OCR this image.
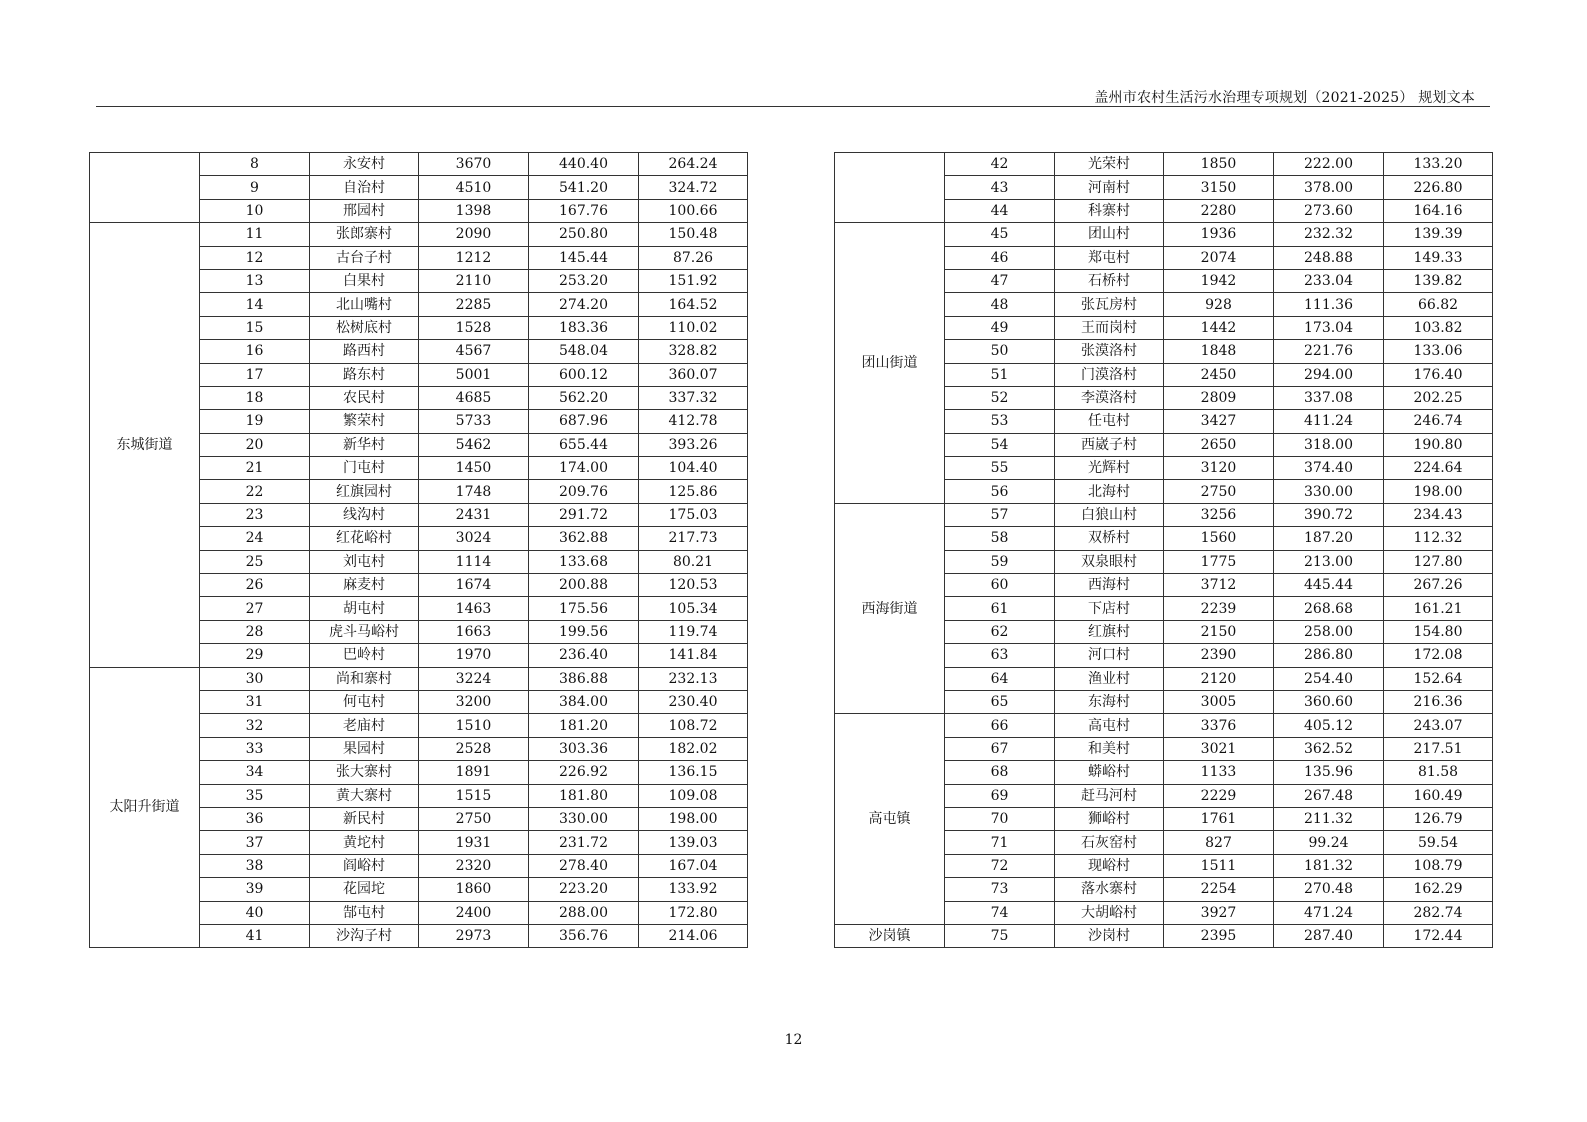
盖州市农村生活污水治理专项规划（2021-2025） 规划文本
	8	永安村	3670	440.40	264.24
	9	自治村	4510	541.20	324.72
	10	邢园村	1398	167.76	100.66
东城街道	11	张郎寨村	2090	250.80	150.48
	12	古台子村	1212	145.44	87.26
	13	白果村	2110	253.20	151.92
	14	北山嘴村	2285	274.20	164.52
	15	松树底村	1528	183.36	110.02
	16	路西村	4567	548.04	328.82
	17	路东村	5001	600.12	360.07
	18	农民村	4685	562.20	337.32
	19	繁荣村	5733	687.96	412.78
	20	新华村	5462	655.44	393.26
	21	门屯村	1450	174.00	104.40
	22	红旗园村	1748	209.76	125.86
	23	线沟村	2431	291.72	175.03
	24	红花峪村	3024	362.88	217.73
	25	刘屯村	1114	133.68	80.21
	26	麻麦村	1674	200.88	120.53
	27	胡屯村	1463	175.56	105.34
	28	虎斗马峪村	1663	199.56	119.74
	29	巴岭村	1970	236.40	141.84
太阳升街道	30	尚和寨村	3224	386.88	232.13
	31	何屯村	3200	384.00	230.40
	32	老庙村	1510	181.20	108.72
	33	果园村	2528	303.36	182.02
	34	张大寨村	1891	226.92	136.15
	35	黄大寨村	1515	181.80	109.08
	36	新民村	2750	330.00	198.00
	37	黄坨村	1931	231.72	139.03
	38	阎峪村	2320	278.40	167.04
	39	花园坨	1860	223.20	133.92
	40	郜屯村	2400	288.00	172.80
	41	沙沟子村	2973	356.76	214.06
	42	光荣村	1850	222.00	133.20
	43	河南村	3150	378.00	226.80
	44	科寨村	2280	273.60	164.16
团山街道	45	团山村	1936	232.32	139.39
	46	郑屯村	2074	248.88	149.33
	47	石桥村	1942	233.04	139.82
	48	张瓦房村	928	111.36	66.82
	49	王而岗村	1442	173.04	103.82
	50	张漠洛村	1848	221.76	133.06
	51	门漠洛村	2450	294.00	176.40
	52	李漠洛村	2809	337.08	202.25
	53	任屯村	3427	411.24	246.74
	54	西崴子村	2650	318.00	190.80
	55	光辉村	3120	374.40	224.64
	56	北海村	2750	330.00	198.00
西海街道	57	白狼山村	3256	390.72	234.43
	58	双桥村	1560	187.20	112.32
	59	双泉眼村	1775	213.00	127.80
	60	西海村	3712	445.44	267.26
	61	下店村	2239	268.68	161.21
	62	红旗村	2150	258.00	154.80
	63	河口村	2390	286.80	172.08
	64	渔业村	2120	254.40	152.64
	65	东海村	3005	360.60	216.36
高屯镇	66	高屯村	3376	405.12	243.07
	67	和美村	3021	362.52	217.51
	68	蟒峪村	1133	135.96	81.58
	69	赶马河村	2229	267.48	160.49
	70	狮峪村	1761	211.32	126.79
	71	石灰窑村	827	99.24	59.54
	72	现峪村	1511	181.32	108.79
	73	落水寨村	2254	270.48	162.29
	74	大胡峪村	3927	471.24	282.74
沙岗镇	75	沙岗村	2395	287.40	172.44
12
